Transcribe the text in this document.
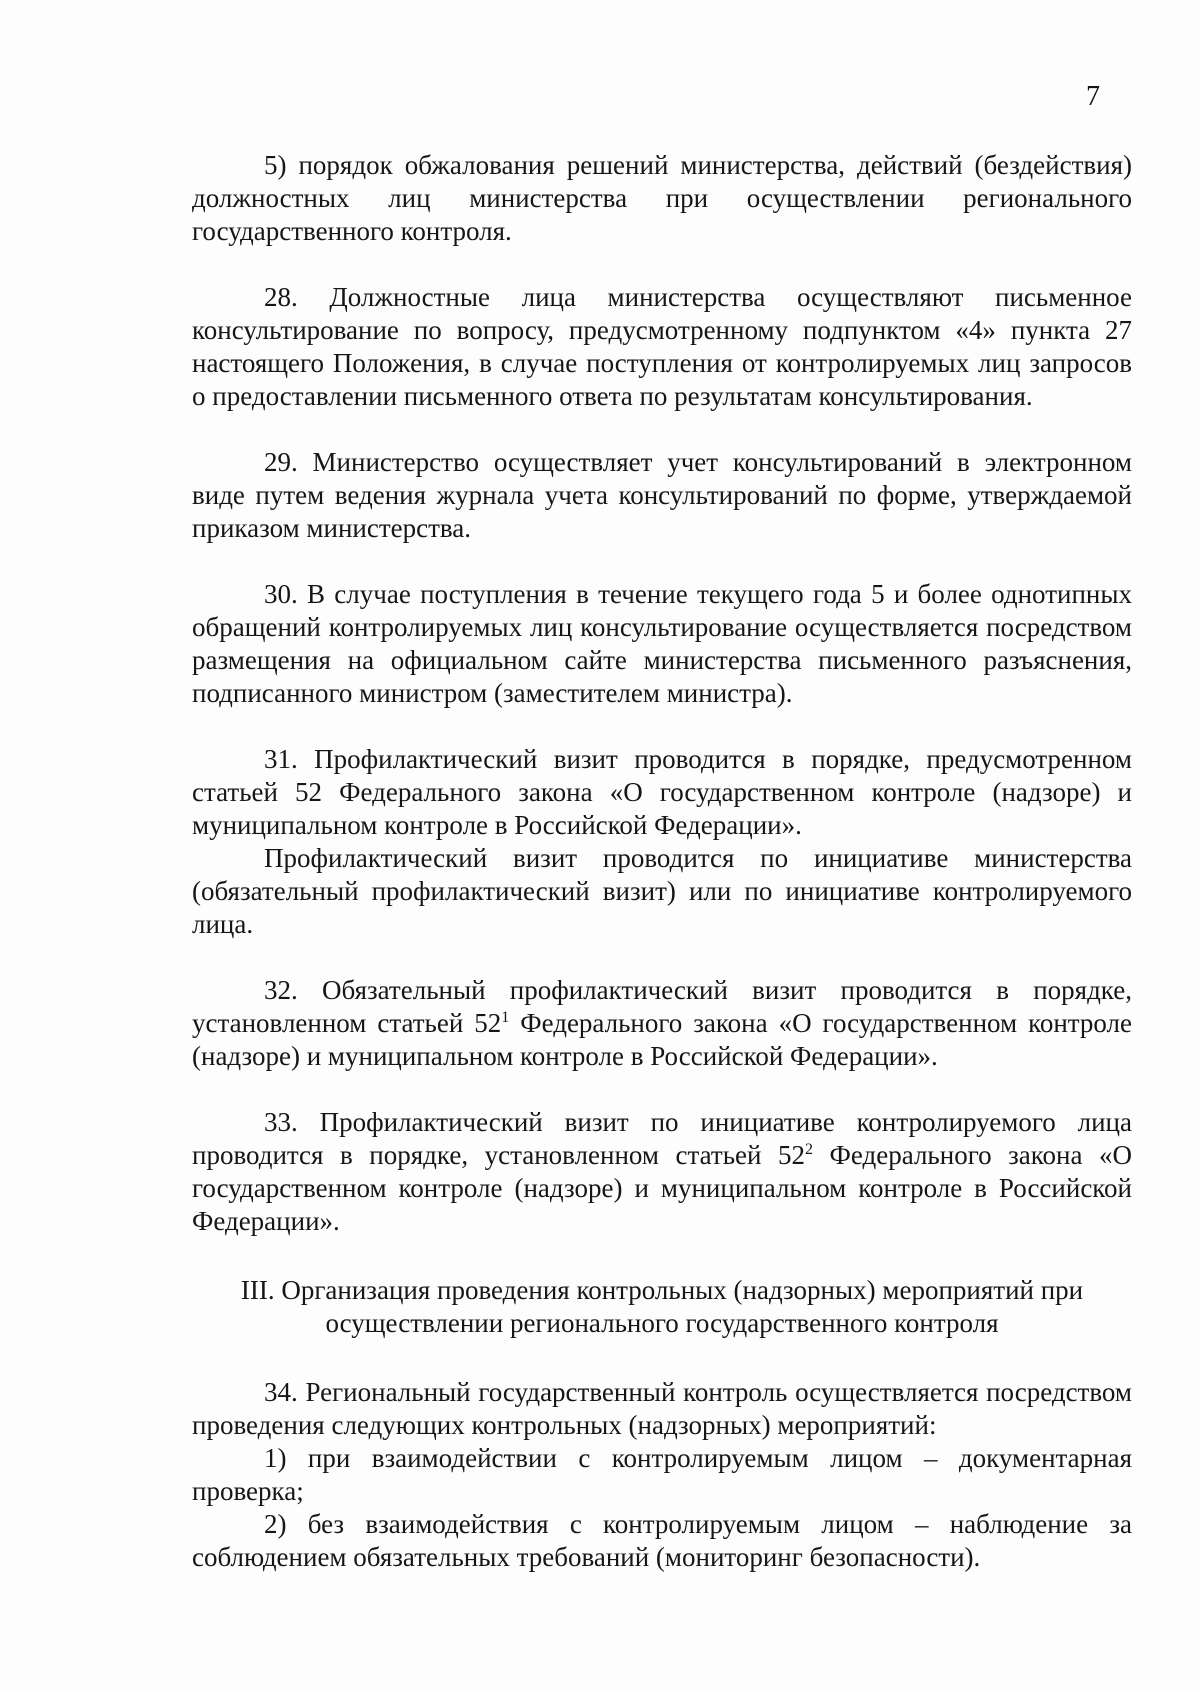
7

5) порядок обжалования решений министерства, действий (бездействия) должностных лиц министерства при осуществлении регионального государственного контроля.

28. Должностные лица министерства осуществляют письменное консультирование по вопросу, предусмотренному подпунктом «4» пункта 27 настоящего Положения, в случае поступления от контролируемых лиц запросов о предоставлении письменного ответа по результатам консультирования.

29. Министерство осуществляет учет консультирований в электронном виде путем ведения журнала учета консультирований по форме, утверждаемой приказом министерства.

30. В случае поступления в течение текущего года 5 и более однотипных обращений контролируемых лиц консультирование осуществляется посредством размещения на официальном сайте министерства письменного разъяснения, подписанного министром (заместителем министра).

31. Профилактический визит проводится в порядке, предусмотренном статьей 52 Федерального закона «О государственном контроле (надзоре) и муниципальном контроле в Российской Федерации».

Профилактический визит проводится по инициативе министерства (обязательный профилактический визит) или по инициативе контролируемого лица.

32. Обязательный профилактический визит проводится в порядке, установленном статьей $52^1$ Федерального закона «О государственном контроле (надзоре) и муниципальном контроле в Российской Федерации».

33. Профилактический визит по инициативе контролируемого лица проводится в порядке, установленном статьей $52^2$ Федерального закона «О государственном контроле (надзоре) и муниципальном контроле в Российской Федерации».

III. Организация проведения контрольных (надзорных) мероприятий при
осуществлении регионального государственного контроля

34. Региональный государственный контроль осуществляется посредством проведения следующих контрольных (надзорных) мероприятий:

1) при взаимодействии с контролируемым лицом – документарная проверка;

2) без взаимодействия с контролируемым лицом – наблюдение за соблюдением обязательных требований (мониторинг безопасности).
